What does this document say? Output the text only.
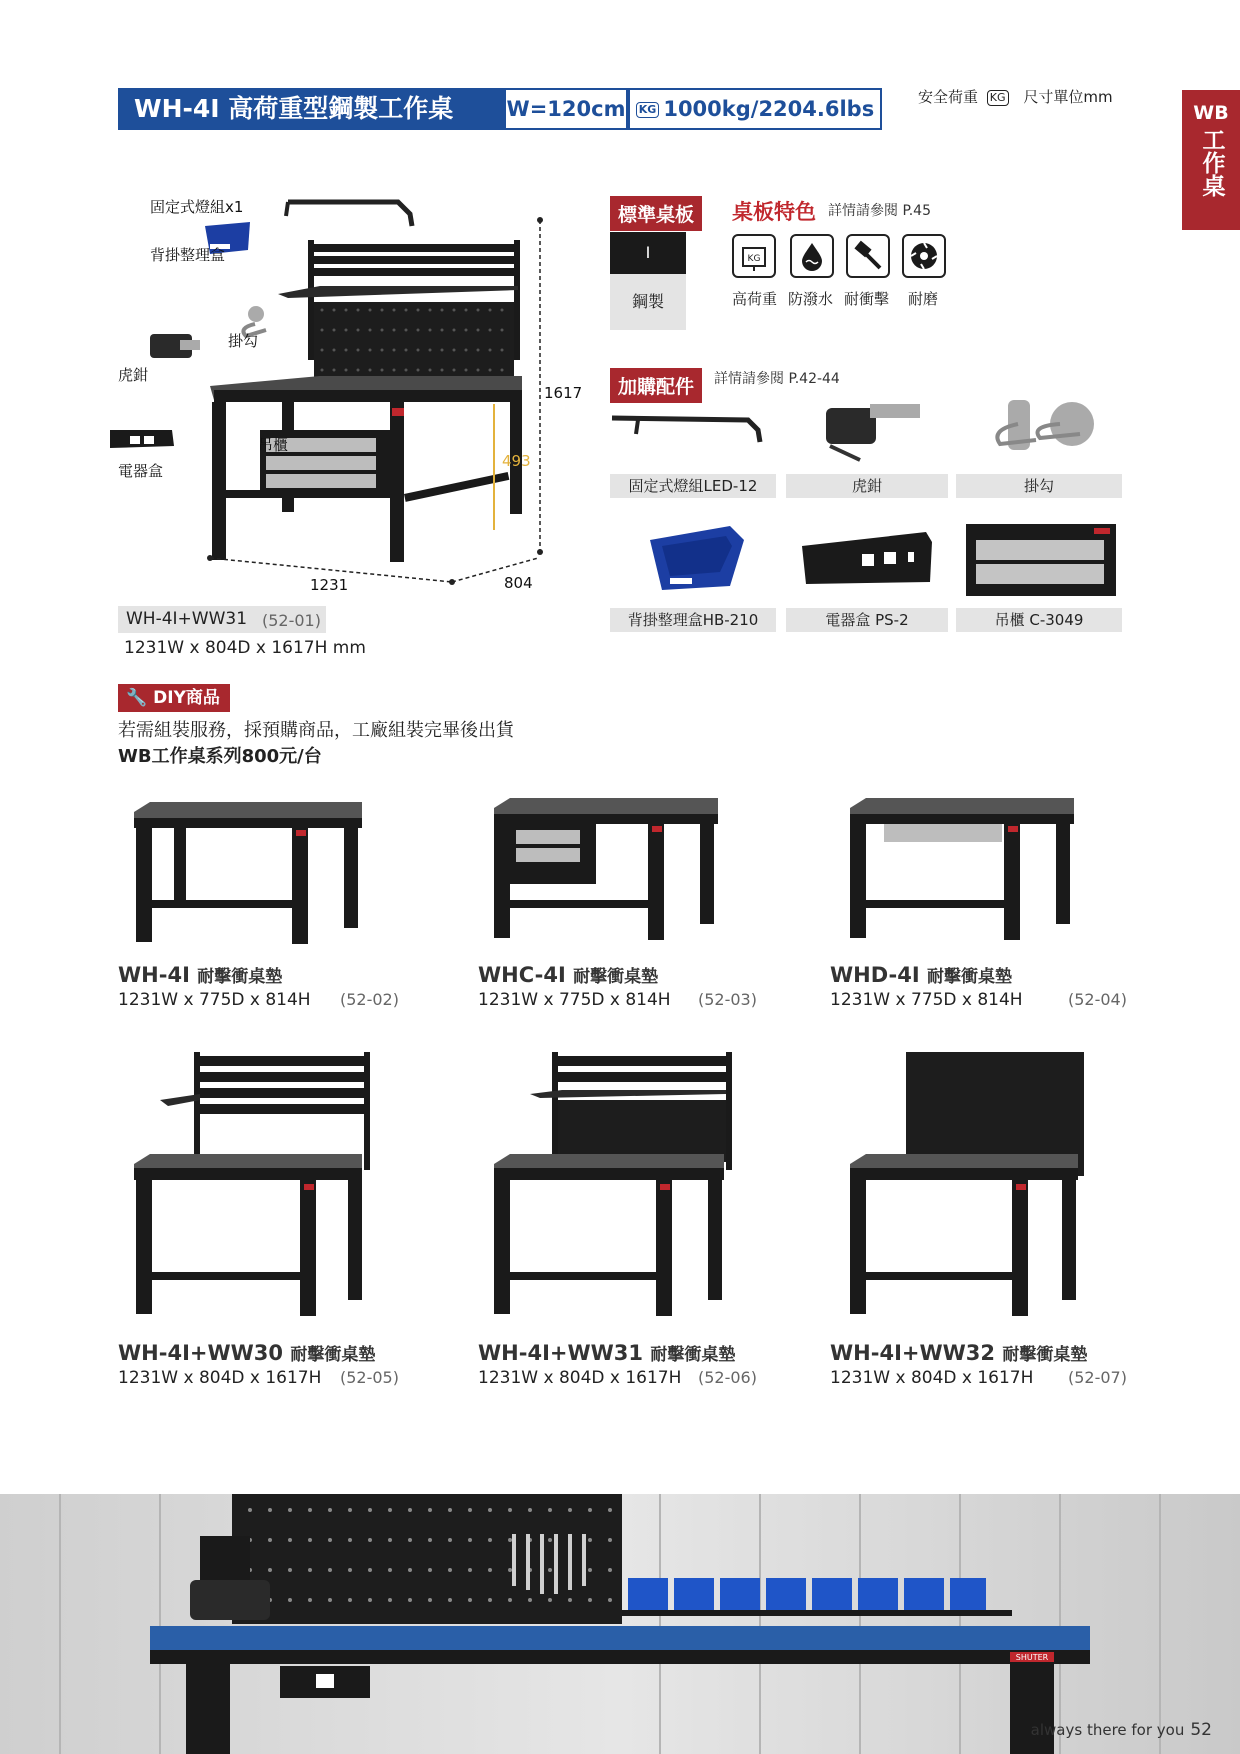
WH-4I 高荷重型鋼製工作桌	W=120cm	KG 1000kg/2204.6lbs	安全荷重 KG 尺寸單位mm
WB
工作桌
固定式燈組x1
背掛整理盒
掛勾
虎鉗
電器盒
吊櫃
1617
493
1231	804
標準桌板
I
鋼製
桌板特色 詳情請參閱 P.45
KG
高荷重 防潑水 耐衝擊 耐磨
加購配件	詳情請參閱 P.42-44
固定式燈組LED-12	虎鉗	掛勾
背掛整理盒HB-210	電器盒 PS-2	吊櫃 C-3049
WH-4I+WW31 (52-01)
1231W x 804D x 1617H mm
🔧 DIY商品
若需組裝服務，採預購商品，工廠組裝完畢後出貨
WB工作桌系列800元/台
WH-4I 耐擊衝桌墊
1231W x 775D x 814H (52-02)
WHC-4I 耐擊衝桌墊
1231W x 775D x 814H (52-03)
WHD-4I 耐擊衝桌墊
1231W x 775D x 814H	(52-04)
WH-4I+WW30 耐擊衝桌墊
1231W x 804D x 1617H (52-05)
WH-4I+WW31 耐擊衝桌墊
1231W x 804D x 1617H (52-06)
WH-4I+WW32 耐擊衝桌墊
1231W x 804D x 1617H (52-07)
SHUTER
always there for you 52
